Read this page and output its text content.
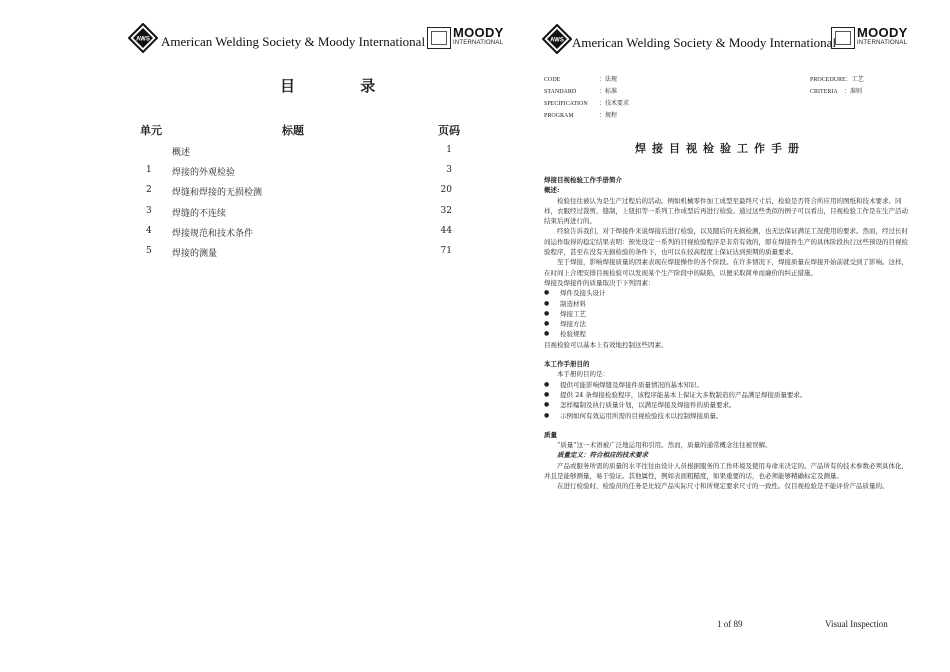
AWS American Welding Society & Moody International
MOODY
INTERNATIONAL
目 录
单元	标题	页码
概述	1
1 焊接的外观检验	3
2 焊缝和焊接的无损检测	20
3 焊缝的不连续	32
4 焊接规范和技术条件	44
5 焊接的测量	71
AWS American Welding Society & Moody International
MOODY
INTERNATIONAL
CODE	：法规
STANDARD	：标准
SPECIFICATION ：技术要求
PROGRAM	：规程
PROCEDURE：工艺
CRITERIA ：准则
焊接目视检验工作手册

焊接目视检验工作手册简介

概述:

检验往往被认为是生产过程后的活动。例如机械零件加工成型至最终尺寸后，检验是否符合所应用的图纸和技术要求。同样，衣服经过裁剪，缝制，上纽扣等一系列工作成型后再进行检验。通过这些类似的例子可以看出，目视检验工作是在生产活动结束后再进行的。

经验告诉我们，对于焊接件来说焊接后进行检验，以及随后的无损检测，也无法保证满足工况使用的要求。然而，经过长时间运作取得的稳定结果表明：预先设定一系列的目视检验程序是非常有效的，即在焊接件生产的具体阶段执行这些预设的目视检验程序，甚至在没有无损检验的条件下，也可以在较高程度上保证达到预期的质量要求。

至于焊接，影响焊接质量的因素表现在焊接操作的各个阶段。在许多情况下，焊接质量在焊接开始前就受到了影响。这样，在时间上合理安排目视检验可以发现某个生产阶段中的缺陷，以便采取简单而廉价的纠正措施。

焊接及焊接件的质量取决于下列因素：

● 焊件及接头设计

● 制造材料

● 焊接工艺

● 焊接方法

● 检验规程

目视检验可以基本上有效地控制这些因素。

本工作手册目的

本手册的目的是：

● 提供可能影响焊缝及焊接件质量情况的基本知识。

● 提供 24 条焊接检验程序，该程序能基本上保证大多数制造的产品满足焊接质量要求。

● 怎样编制及执行质量计划，以满足焊接及焊接件的质量要求。

● 示例如何有效运用所需的目视检验技术以控制焊接质量。

质量

“质量”这一术语被广泛地运用和引用。然而，质量的通常概念往往被误解。

质量定义：符合相应的技术要求

产品或服务所需的质量的水平往往由设计人员根据服务的工作环境及使用寿命来决定的。产品所有的技术参数必须具体化，并且是能够测量，易于验证。其他属性，例如表面粗糙度，如果重要的话，也必须能够精确标定及测量。

在进行检验时，检验员的任务是比较产品实际尺寸和所规定要求尺寸的一致性。仅目视检验是不能评价产品质量的。

1 of 89	Visual Inspection
